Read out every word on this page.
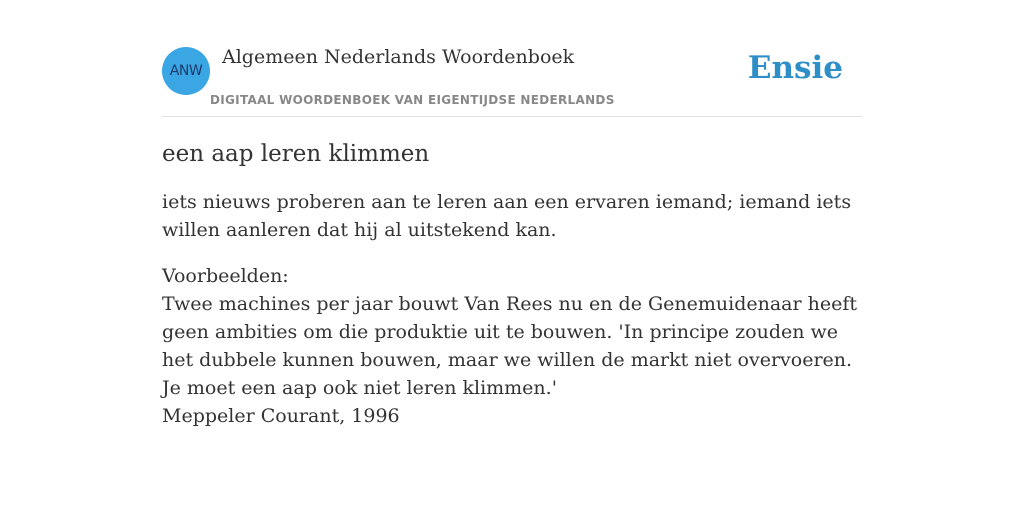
ANW
Algemeen Nederlands Woordenboek
DIGITAAL WOORDENBOEK VAN EIGENTIJDSE NEDERLANDS
Ensie
een aap leren klimmen

iets nieuws proberen aan te leren aan een ervaren iemand; iemand iets willen aanleren dat hij al uitstekend kan.

Voorbeelden:

Twee machines per jaar bouwt Van Rees nu en de Genemuidenaar heeft geen ambities om die produktie uit te bouwen. 'In principe zouden we het dubbele kunnen bouwen, maar we willen de markt niet overvoeren. Je moet een aap ook niet leren klimmen.'

Meppeler Courant, 1996
